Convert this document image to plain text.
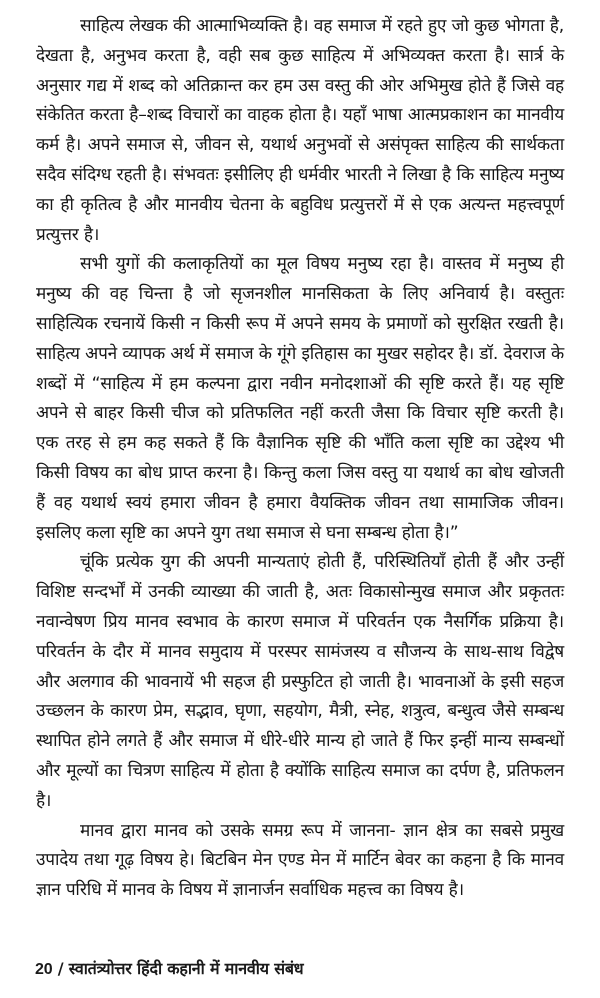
साहित्य लेखक की आत्माभिव्यक्ति है। वह समाज में रहते हुए जो कुछ भोगता है, देखता है, अनुभव करता है, वही सब कुछ साहित्य में अभिव्यक्त करता है। सार्त्र के अनुसार गद्य में शब्द को अतिक्रान्त कर हम उस वस्तु की ओर अभिमुख होते हैं जिसे वह संकेतित करता है–शब्द विचारों का वाहक होता है। यहाँ भाषा आत्मप्रकाशन का मानवीय कर्म है। अपने समाज से, जीवन से, यथार्थ अनुभवों से असंपृक्त साहित्य की सार्थकता सदैव संदिग्ध रहती है। संभवतः इसीलिए ही धर्मवीर भारती ने लिखा है कि साहित्य मनुष्य का ही कृतित्व है और मानवीय चेतना के बहुविध प्रत्युत्तरों में से एक अत्यन्त महत्त्वपूर्ण प्रत्युत्तर है।

सभी युगों की कलाकृतियों का मूल विषय मनुष्य रहा है। वास्तव में मनुष्य ही मनुष्य की वह चिन्ता है जो सृजनशील मानसिकता के लिए अनिवार्य है। वस्तुतः साहित्यिक रचनायें किसी न किसी रूप में अपने समय के प्रमाणों को सुरक्षित रखती है। साहित्य अपने व्यापक अर्थ में समाज के गूंगे इतिहास का मुखर सहोदर है। डॉ. देवराज के शब्दों में “साहित्य में हम कल्पना द्वारा नवीन मनोदशाओं की सृष्टि करते हैं। यह सृष्टि अपने से बाहर किसी चीज को प्रतिफलित नहीं करती जैसा कि विचार सृष्टि करती है। एक तरह से हम कह सकते हैं कि वैज्ञानिक सृष्टि की भाँति कला सृष्टि का उद्देश्य भी किसी विषय का बोध प्राप्त करना है। किन्तु कला जिस वस्तु या यथार्थ का बोध खोजती हैं वह यथार्थ स्वयं हमारा जीवन है हमारा वैयक्तिक जीवन तथा सामाजिक जीवन। इसलिए कला सृष्टि का अपने युग तथा समाज से घना सम्बन्ध होता है।”

चूंकि प्रत्येक युग की अपनी मान्यताएं होती हैं, परिस्थितियाँ होती हैं और उन्हीं विशिष्ट सन्दर्भों में उनकी व्याख्या की जाती है, अतः विकासोन्मुख समाज और प्रकृततः नवान्वेषण प्रिय मानव स्वभाव के कारण समाज में परिवर्तन एक नैसर्गिक प्रक्रिया है। परिवर्तन के दौर में मानव समुदाय में परस्पर सामंजस्य व सौजन्य के साथ-साथ विद्वेष और अलगाव की भावनायें भी सहज ही प्रस्फुटित हो जाती है। भावनाओं के इसी सहज उच्छलन के कारण प्रेम, सद्भाव, घृणा, सहयोग, मैत्री, स्नेह, शत्रुत्व, बन्धुत्व जैसे सम्बन्ध स्थापित होने लगते हैं और समाज में धीरे-धीरे मान्य हो जाते हैं फिर इन्हीं मान्य सम्बन्धों और मूल्यों का चित्रण साहित्य में होता है क्योंकि साहित्य समाज का दर्पण है, प्रतिफलन है।

मानव द्वारा मानव को उसके समग्र रूप में जानना- ज्ञान क्षेत्र का सबसे प्रमुख उपादेय तथा गूढ़ विषय हे। बिटबिन मेन एण्ड मेन में मार्टिन बेवर का कहना है कि मानव ज्ञान परिधि में मानव के विषय में ज्ञानार्जन सर्वाधिक महत्त्व का विषय है।

20 / स्वातंत्र्योत्तर हिंदी कहानी में मानवीय संबंध
